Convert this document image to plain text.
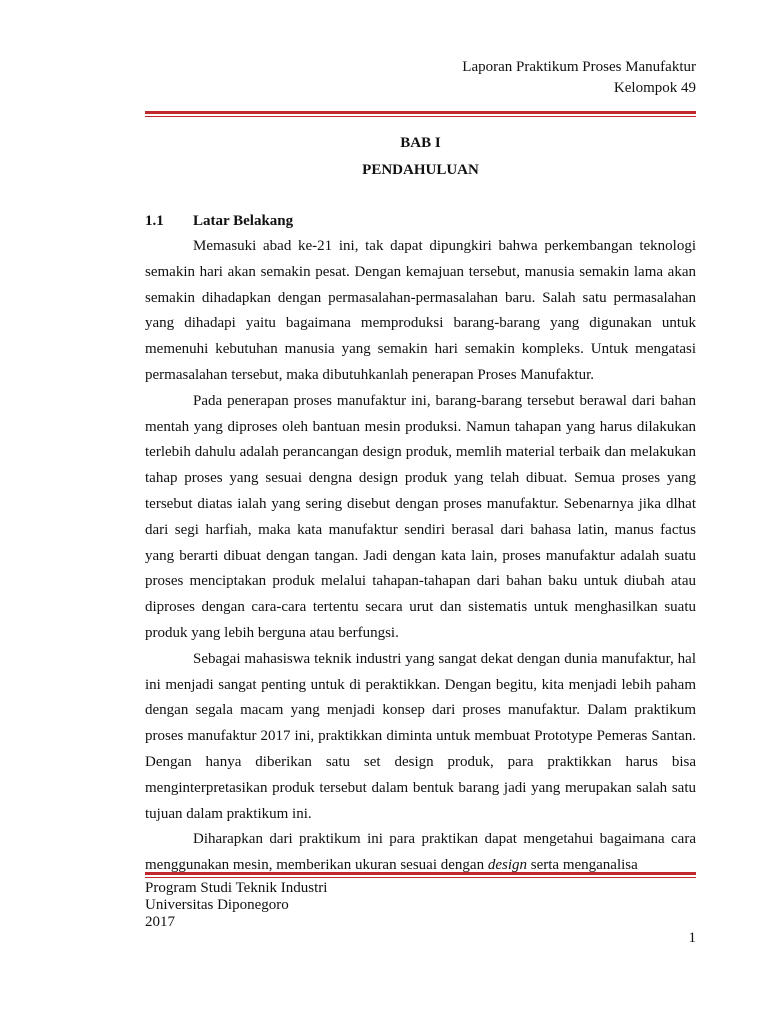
Laporan Praktikum Proses Manufaktur
Kelompok 49
BAB I
PENDAHULUAN
1.1 Latar Belakang

Memasuki abad ke-21 ini, tak dapat dipungkiri bahwa perkembangan teknologi semakin hari akan semakin pesat. Dengan kemajuan tersebut, manusia semakin lama akan semakin dihadapkan dengan permasalahan-permasalahan baru. Salah satu permasalahan yang dihadapi yaitu bagaimana memproduksi barang-barang yang digunakan untuk memenuhi kebutuhan manusia yang semakin hari semakin kompleks. Untuk mengatasi permasalahan tersebut, maka dibutuhkanlah penerapan Proses Manufaktur.

Pada penerapan proses manufaktur ini, barang-barang tersebut berawal dari bahan mentah yang diproses oleh bantuan mesin produksi. Namun tahapan yang harus dilakukan terlebih dahulu adalah perancangan design produk, memlih material terbaik dan melakukan tahap proses yang sesuai dengna design produk yang telah dibuat. Semua proses yang tersebut diatas ialah yang sering disebut dengan proses manufaktur. Sebenarnya jika dlhat dari segi harfiah, maka kata manufaktur sendiri berasal dari bahasa latin, manus factus yang berarti dibuat dengan tangan. Jadi dengan kata lain, proses manufaktur adalah suatu proses menciptakan produk melalui tahapan-tahapan dari bahan baku untuk diubah atau diproses dengan cara-cara tertentu secara urut dan sistematis untuk menghasilkan suatu produk yang lebih berguna atau berfungsi.

Sebagai mahasiswa teknik industri yang sangat dekat dengan dunia manufaktur, hal ini menjadi sangat penting untuk di peraktikkan. Dengan begitu, kita menjadi lebih paham dengan segala macam yang menjadi konsep dari proses manufaktur. Dalam praktikum proses manufaktur 2017 ini, praktikkan diminta untuk membuat Prototype Pemeras Santan. Dengan hanya diberikan satu set design produk, para praktikkan harus bisa menginterpretasikan produk tersebut dalam bentuk barang jadi yang merupakan salah satu tujuan dalam praktikum ini.

Diharapkan dari praktikum ini para praktikan dapat mengetahui bagaimana cara menggunakan mesin, memberikan ukuran sesuai dengan design serta menganalisa

Program Studi Teknik Industri
Universitas Diponegoro
2017
1
